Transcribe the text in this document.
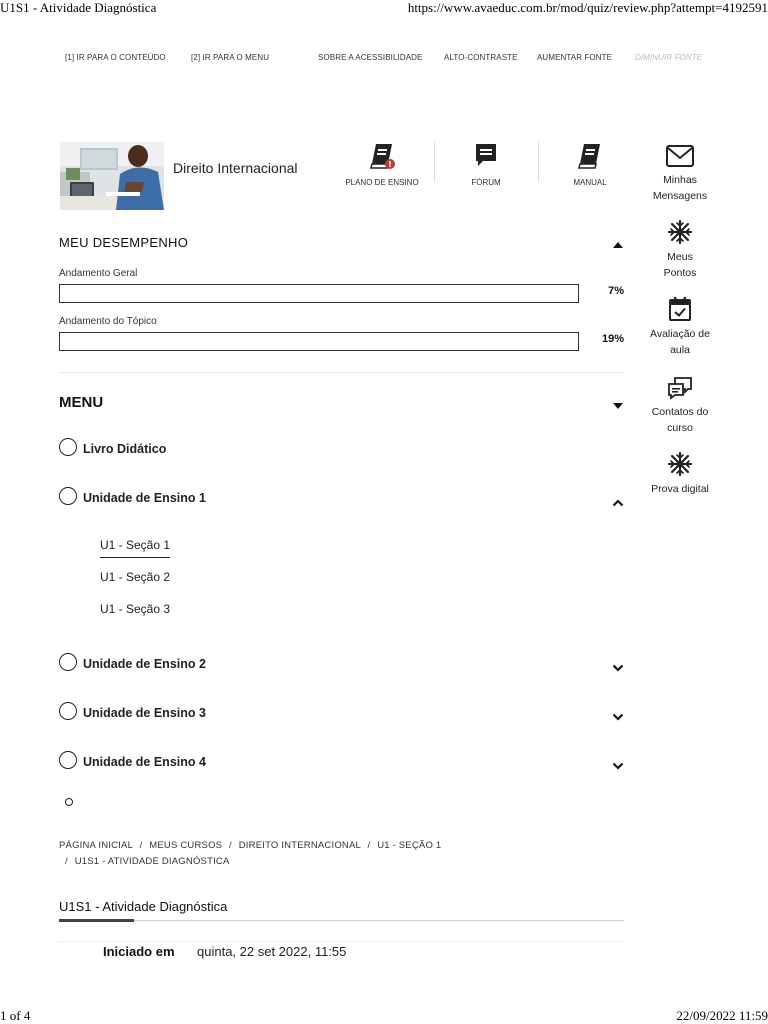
U1S1 - Atividade Diagnóstica	https://www.avaeduc.com.br/mod/quiz/review.php?attempt=4192591
1 of 4	22/09/2022 11:59
[1] IR PARA O CONTEÚDO	[2] IR PARA O MENU	SOBRE A ACESSIBILIDADE	ALTO-CONTRASTE AUMENTAR FONTE	DIMINUIR FONTE
Direito Internacional
PLANO DE ENSINO	FÓRUM	MANUAL	Minhas
Mensagens
Meus
Pontos
Avaliação de
aula
Contatos do
curso
Prova digital
MEU DESEMPENHO
Andamento Geral
7%
Andamento do Tópico
19%
MENU
Livro Didático
Unidade de Ensino 1
U1 - Seção 1
U1 - Seção 2
U1 - Seção 3
Unidade de Ensino 2
Unidade de Ensino 3
Unidade de Ensino 4
PÁGINA INICIAL / MEUS CURSOS / DIREITO INTERNACIONAL / U1 - SEÇÃO 1
/ U1S1 - ATIVIDADE DIAGNÓSTICA
U1S1 - Atividade Diagnóstica
Iniciado em quinta, 22 set 2022, 11:55
